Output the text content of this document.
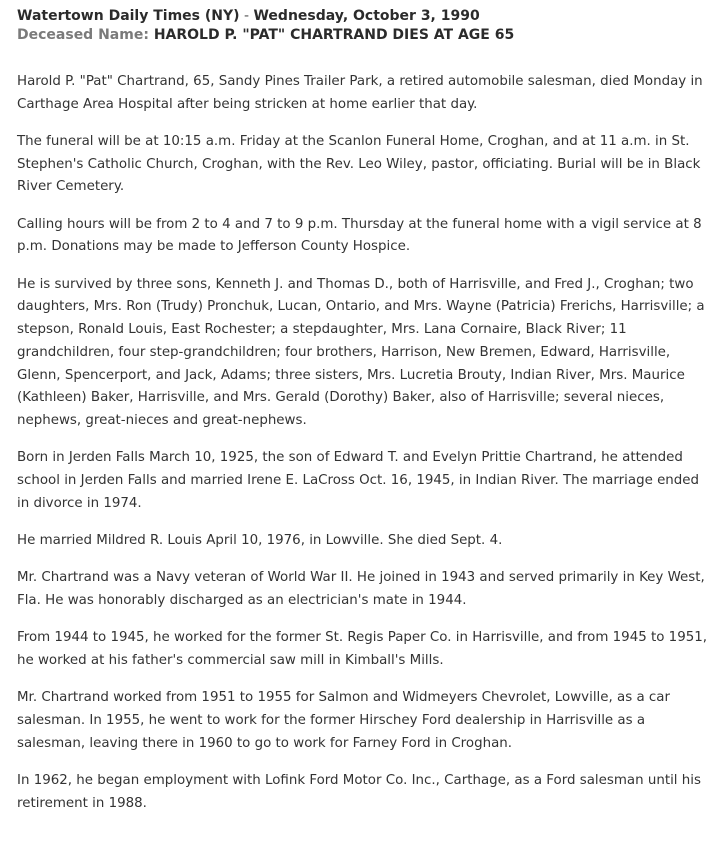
Watertown Daily Times (NY) - Wednesday, October 3, 1990
Deceased Name: HAROLD P. "PAT" CHARTRAND DIES AT AGE 65

Harold P. "Pat" Chartrand, 65, Sandy Pines Trailer Park, a retired automobile salesman, died Monday in Carthage Area Hospital after being stricken at home earlier that day.

The funeral will be at 10:15 a.m. Friday at the Scanlon Funeral Home, Croghan, and at 11 a.m. in St. Stephen's Catholic Church, Croghan, with the Rev. Leo Wiley, pastor, officiating. Burial will be in Black River Cemetery.

Calling hours will be from 2 to 4 and 7 to 9 p.m. Thursday at the funeral home with a vigil service at 8 p.m. Donations may be made to Jefferson County Hospice.

He is survived by three sons, Kenneth J. and Thomas D., both of Harrisville, and Fred J., Croghan; two daughters, Mrs. Ron (Trudy) Pronchuk, Lucan, Ontario, and Mrs. Wayne (Patricia) Frerichs, Harrisville; a stepson, Ronald Louis, East Rochester; a stepdaughter, Mrs. Lana Cornaire, Black River; 11 grandchildren, four step-grandchildren; four brothers, Harrison, New Bremen, Edward, Harrisville, Glenn, Spencerport, and Jack, Adams; three sisters, Mrs. Lucretia Brouty, Indian River, Mrs. Maurice (Kathleen) Baker, Harrisville, and Mrs. Gerald (Dorothy) Baker, also of Harrisville; several nieces, nephews, great-nieces and great-nephews.

Born in Jerden Falls March 10, 1925, the son of Edward T. and Evelyn Prittie Chartrand, he attended school in Jerden Falls and married Irene E. LaCross Oct. 16, 1945, in Indian River. The marriage ended in divorce in 1974.

He married Mildred R. Louis April 10, 1976, in Lowville. She died Sept. 4.

Mr. Chartrand was a Navy veteran of World War II. He joined in 1943 and served primarily in Key West, Fla. He was honorably discharged as an electrician's mate in 1944.

From 1944 to 1945, he worked for the former St. Regis Paper Co. in Harrisville, and from 1945 to 1951, he worked at his father's commercial saw mill in Kimball's Mills.

Mr. Chartrand worked from 1951 to 1955 for Salmon and Widmeyers Chevrolet, Lowville, as a car salesman. In 1955, he went to work for the former Hirschey Ford dealership in Harrisville as a salesman, leaving there in 1960 to go to work for Farney Ford in Croghan.

In 1962, he began employment with Lofink Ford Motor Co. Inc., Carthage, as a Ford salesman until his retirement in 1988.
